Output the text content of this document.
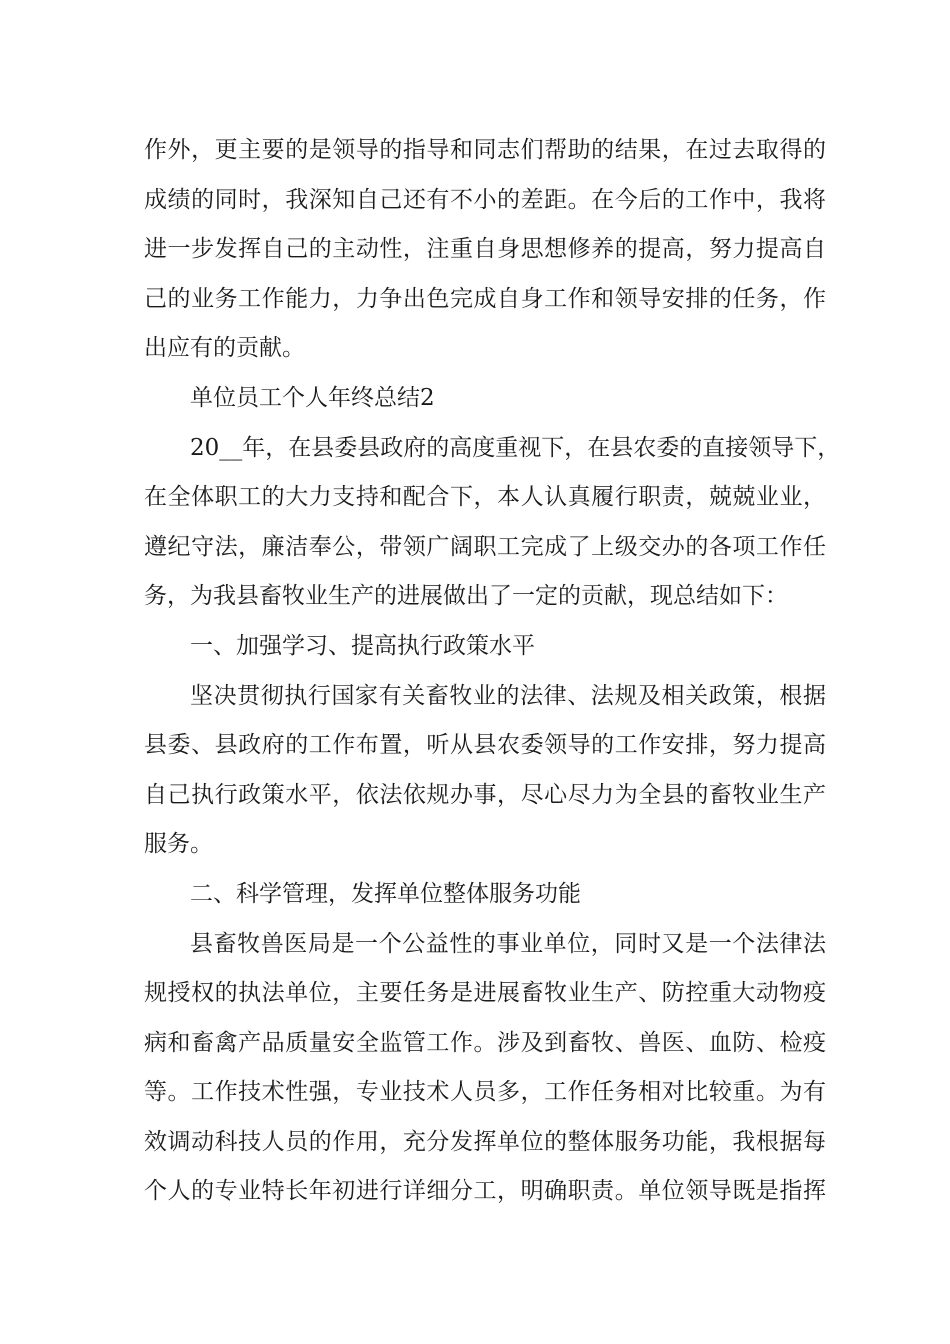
作外，更主要的是领导的指导和同志们帮助的结果，在过去取得的
成绩的同时，我深知自己还有不小的差距。在今后的工作中，我将
进一步发挥自己的主动性，注重自身思想修养的提高，努力提高自
己的业务工作能力，力争出色完成自身工作和领导安排的任务，作
出应有的贡献。
单位员工个人年终总结2
20__年，在县委县政府的高度重视下，在县农委的直接领导下，
在全体职工的大力支持和配合下，本人认真履行职责，兢兢业业，
遵纪守法，廉洁奉公，带领广阔职工完成了上级交办的各项工作任
务，为我县畜牧业生产的进展做出了一定的贡献，现总结如下：
一、加强学习、提高执行政策水平
坚决贯彻执行国家有关畜牧业的法律、法规及相关政策，根据
县委、县政府的工作布置，听从县农委领导的工作安排，努力提高
自己执行政策水平，依法依规办事，尽心尽力为全县的畜牧业生产
服务。
二、科学管理，发挥单位整体服务功能
县畜牧兽医局是一个公益性的事业单位，同时又是一个法律法
规授权的执法单位，主要任务是进展畜牧业生产、防控重大动物疫
病和畜禽产品质量安全监管工作。涉及到畜牧、兽医、血防、检疫
等。工作技术性强，专业技术人员多，工作任务相对比较重。为有
效调动科技人员的作用，充分发挥单位的整体服务功能，我根据每
个人的专业特长年初进行详细分工，明确职责。单位领导既是指挥
